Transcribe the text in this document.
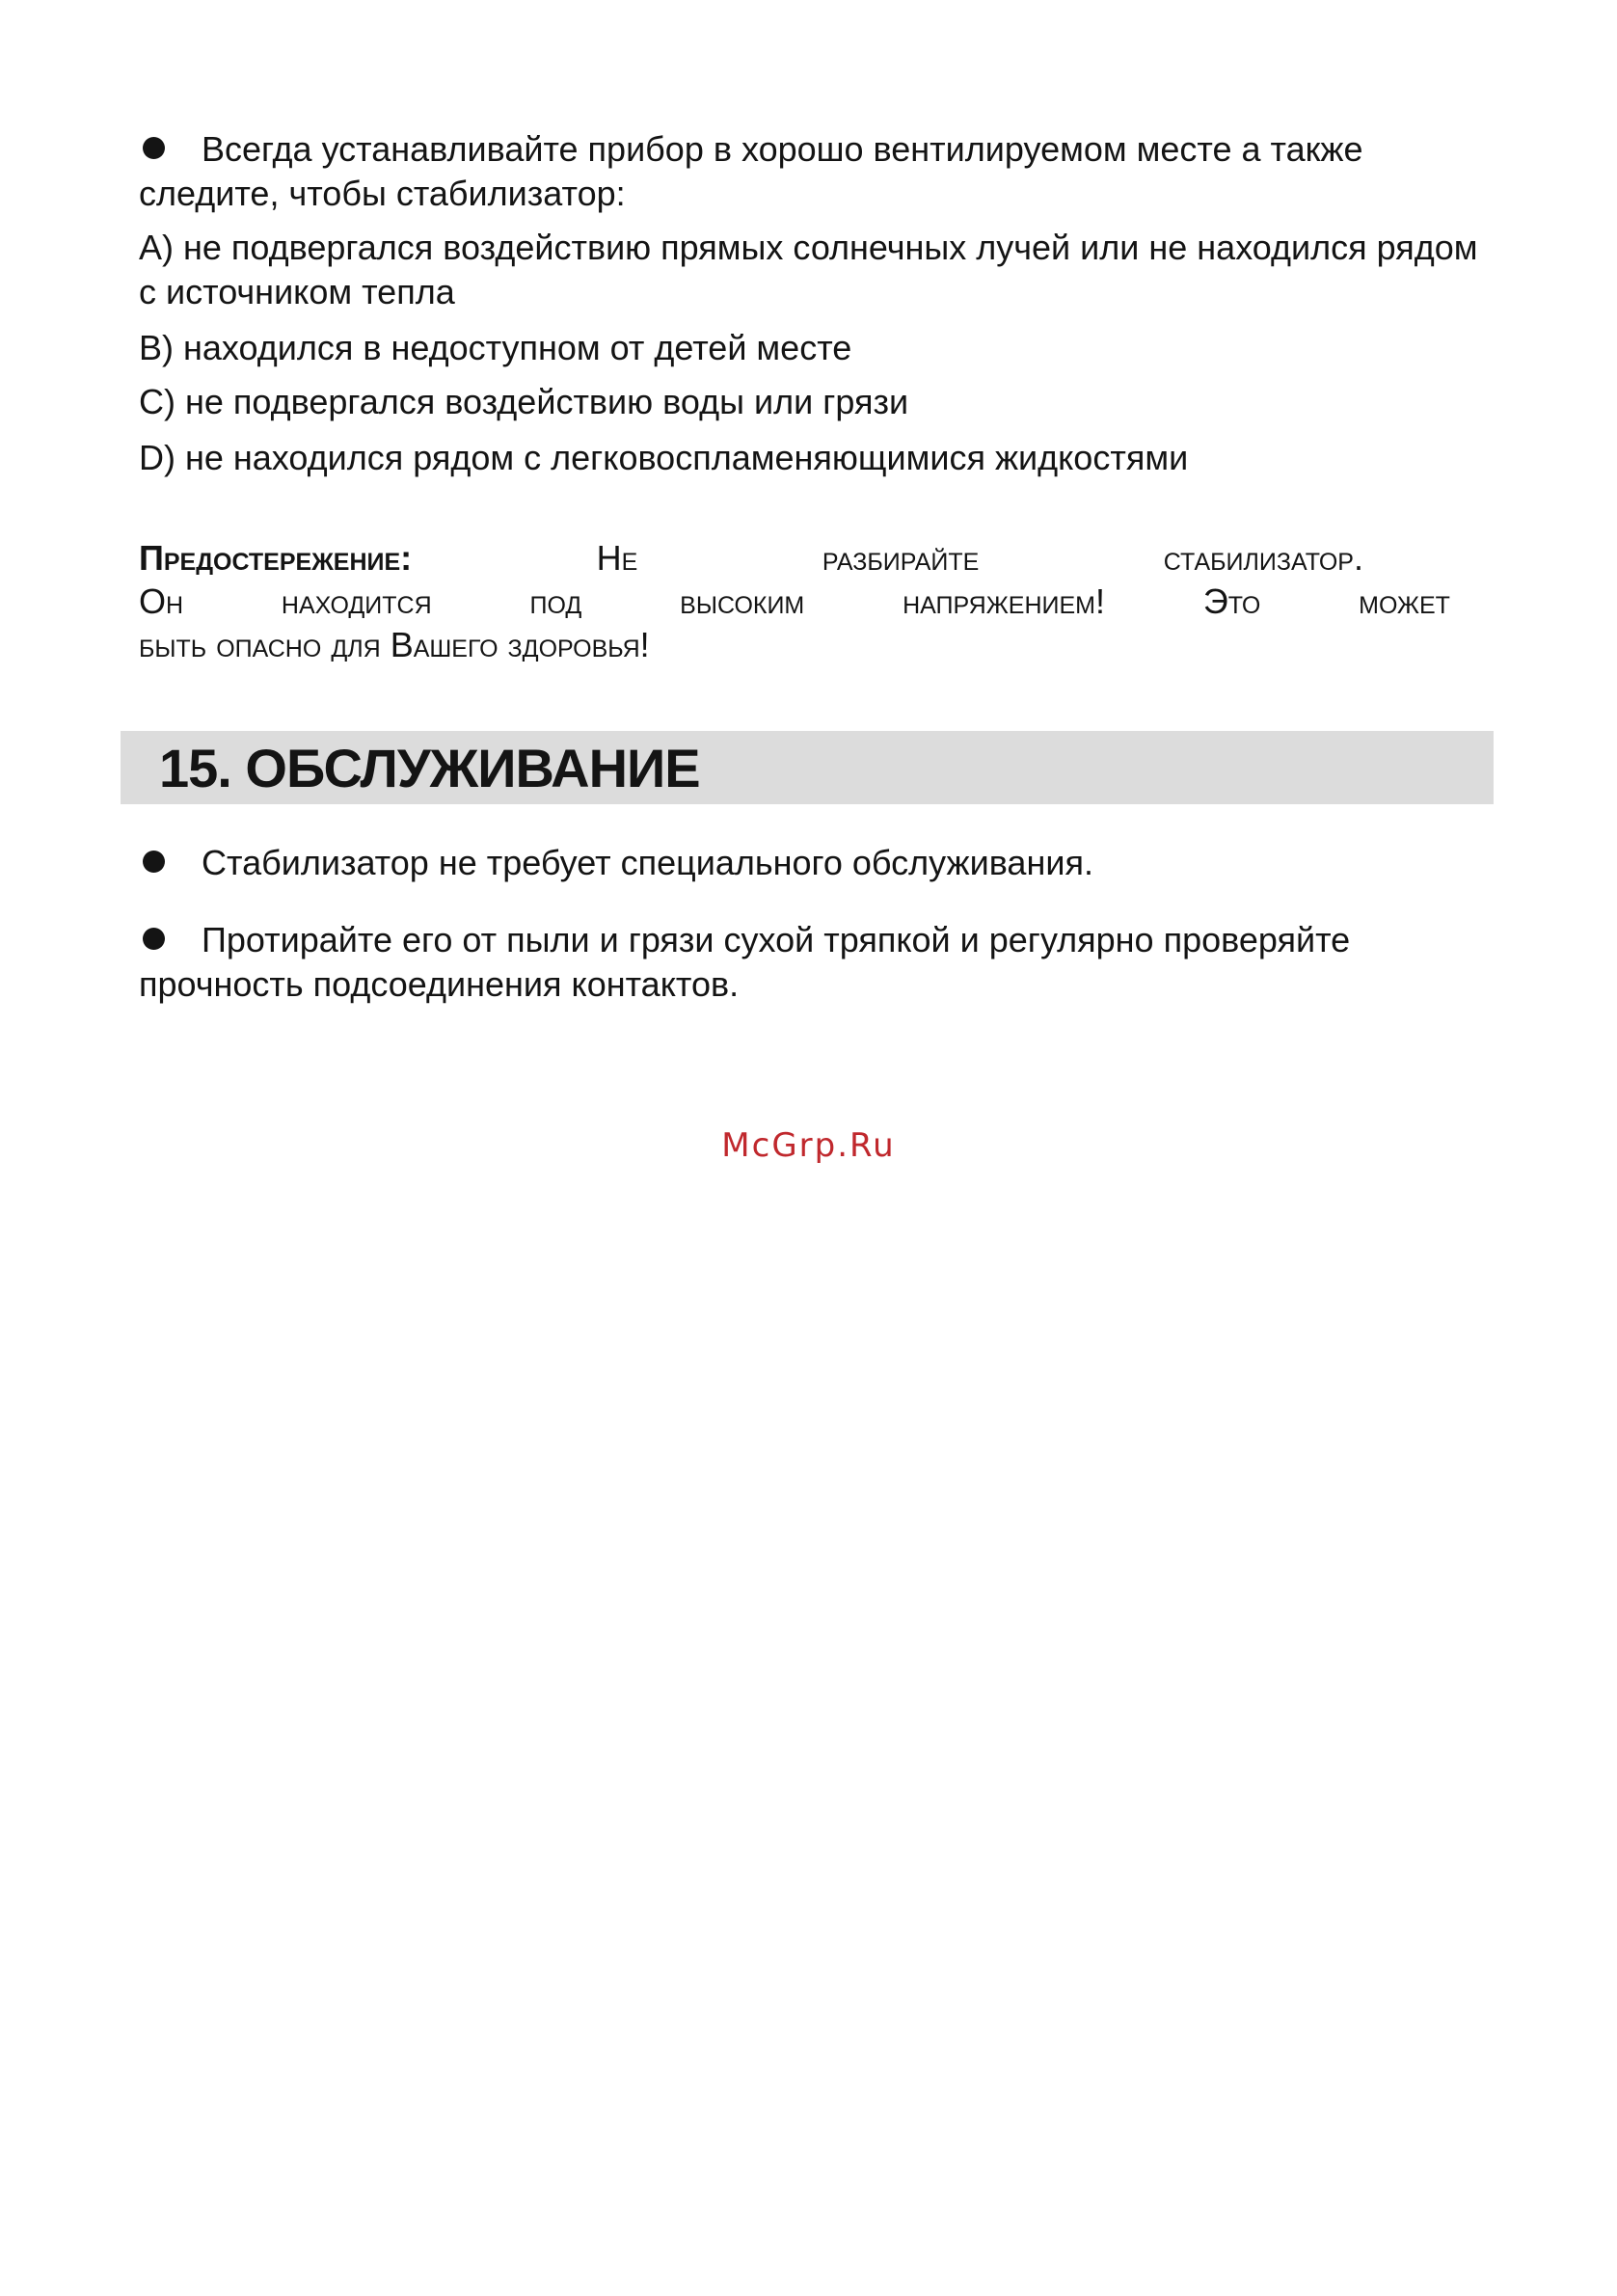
Всегда устанавливайте прибор в хорошо вентилируемом месте а также следите, чтобы стабилизатор:

A) не подвергался воздействию прямых солнечных лучей или не находился рядом с источником тепла

B) находился в недоступном от детей месте

C) не подвергался воздействию воды или грязи

D) не находился рядом с легковоспламеняющимися жидкостями

Предостережение:	Не	разбирайте	стабилизатор.
Он	находится	под	высоким	напряжением!	Это	может
быть опасно для Вашего здоровья!
15. ОБСЛУЖИВАНИЕ

Стабилизатор не требует специального обслуживания.

Протирайте его от пыли и грязи сухой тряпкой и регулярно проверяйте прочность подсоединения контактов.

McGrp.Ru
